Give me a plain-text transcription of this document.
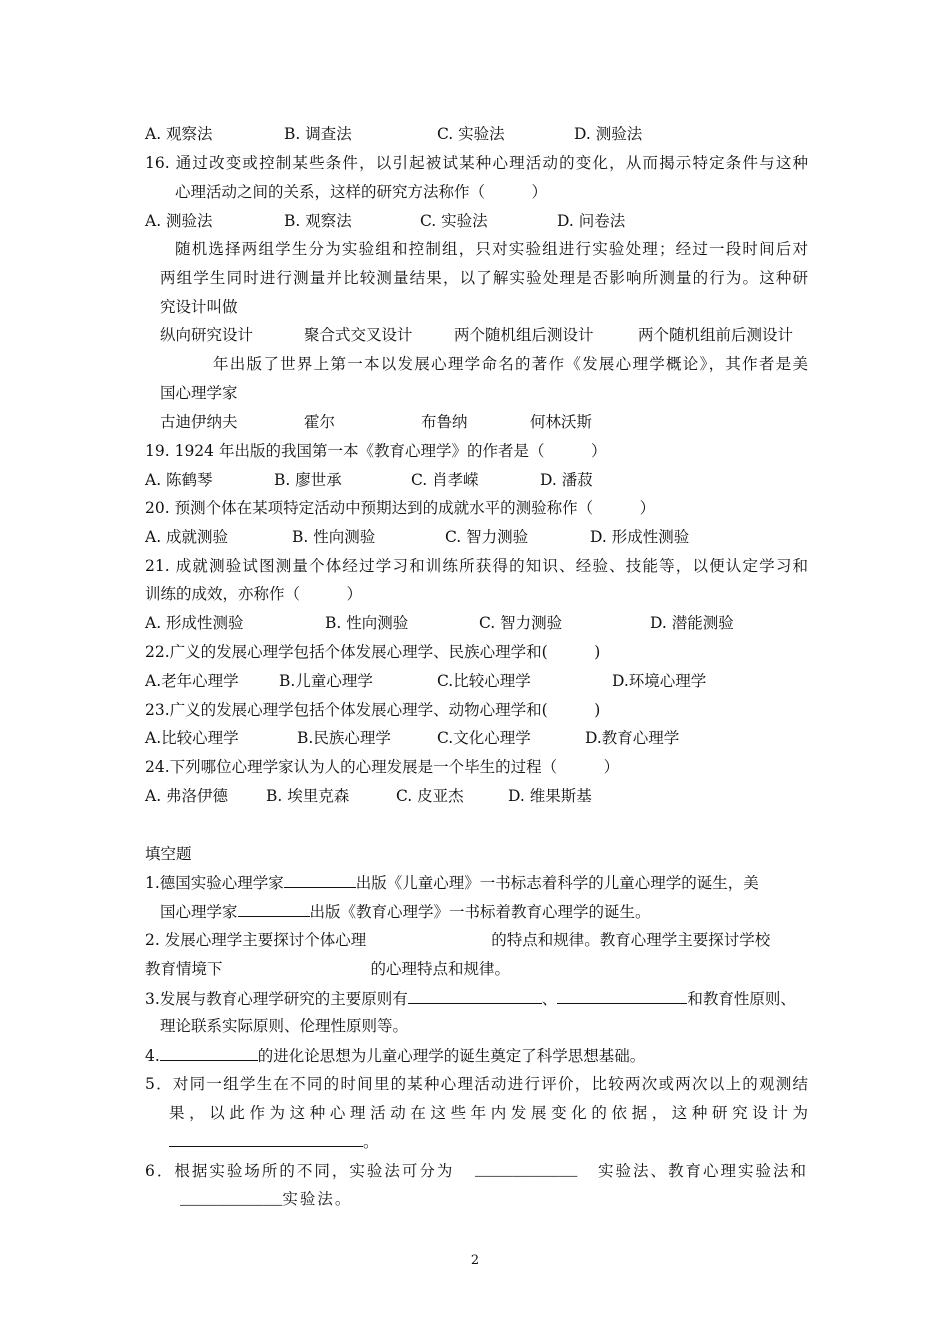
A. 观察法	B. 调查法	C. 实验法	D. 测验法
16. 通过改变或控制某些条件，以引起被试某种心理活动的变化，从而揭示特定条件与这种
心理活动之间的关系，这样的研究方法称作（　　　）
A. 测验法	B. 观察法	C. 实验法	D. 问卷法
随机选择两组学生分为实验组和控制组，只对实验组进行实验处理；经过一段时间后对
两组学生同时进行测量并比较测量结果，以了解实验处理是否影响所测量的行为。这种研
究设计叫做
纵向研究设计	聚合式交叉设计	两个随机组后测设计	两个随机组前后测设计
年出版了世界上第一本以发展心理学命名的著作《发展心理学概论》，其作者是美
国心理学家
古迪伊纳夫	霍尔	布鲁纳	何林沃斯
19. 1924 年出版的我国第一本《教育心理学》的作者是（　　　）
A. 陈鹤琴	B. 廖世承	C. 肖孝嵘	D. 潘菽
20. 预测个体在某项特定活动中预期达到的成就水平的测验称作（　　　）
A. 成就测验	B. 性向测验	C. 智力测验	D. 形成性测验
21. 成就测验试图测量个体经过学习和训练所获得的知识、经验、技能等，以便认定学习和
训练的成效，亦称作（　　　）
A. 形成性测验	B. 性向测验	C. 智力测验	D. 潜能测验
22.广义的发展心理学包括个体发展心理学、民族心理学和(　　　)
A.老年心理学	B.儿童心理学	C.比较心理学	D.环境心理学
23.广义的发展心理学包括个体发展心理学、动物心理学和(　　　)
A.比较心理学	B.民族心理学	C.文化心理学	D.教育心理学
24.下列哪位心理学家认为人的心理发展是一个毕生的过程（　　　）
A. 弗洛伊德 B. 埃里克森	C. 皮亚杰	D. 维果斯基
填空题
1.德国实验心理学家	出版《儿童心理》一书标志着科学的儿童心理学的诞生，美
国心理学家	出版《教育心理学》一书标着教育心理学的诞生。
2. 发展心理学主要探讨个体心理	的特点和规律。教育心理学主要探讨学校
教育情境下	的心理特点和规律。
3.发展与教育心理学研究的主要原则有	、	和教育性原则、
理论联系实际原则、伦理性原则等。
4.	的进化论思想为儿童心理学的诞生奠定了科学思想基础。
5．对同一组学生在不同的时间里的某种心理活动进行评价，比较两次或两次以上的观测结
果，以此作为这种心理活动在这些年内发展变化的依据，这种研究设计为
。
6．根据实验场所的不同，实验法可分为 ___________ 实验法、教育心理实验法和
___________实验法。
2
